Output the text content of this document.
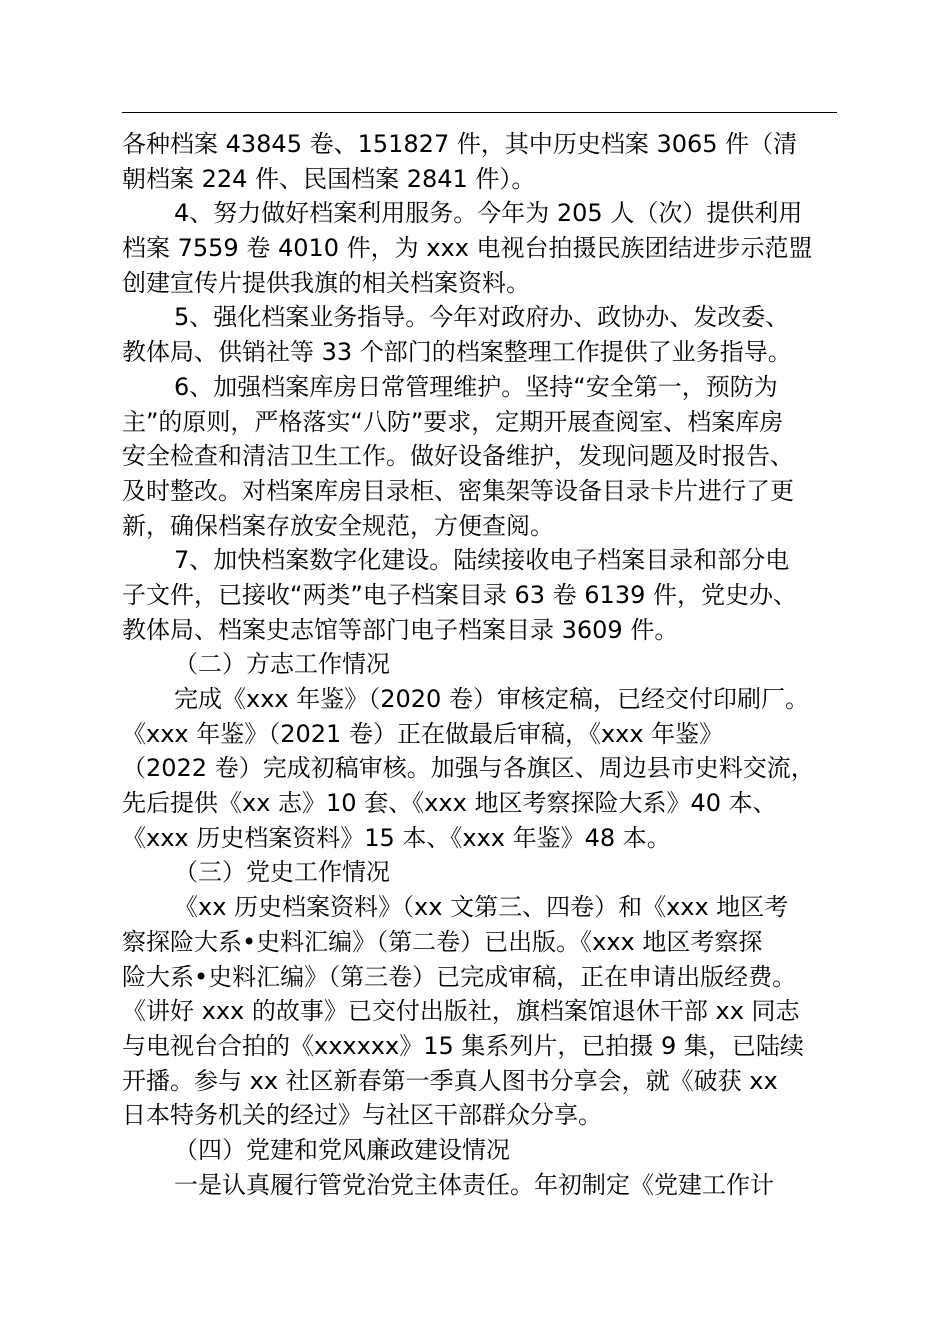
各种档案 43845 卷、151827 件，其中历史档案 3065 件（清
朝档案 224 件、民国档案 2841 件）。
4、努力做好档案利用服务。今年为 205 人（次）提供利用
档案 7559 卷 4010 件，为 xxx 电视台拍摄民族团结进步示范盟
创建宣传片提供我旗的相关档案资料。
5、强化档案业务指导。今年对政府办、政协办、发改委、
教体局、供销社等 33 个部门的档案整理工作提供了业务指导。
6、加强档案库房日常管理维护。坚持“安全第一，预防为
主”的原则，严格落实“八防”要求，定期开展查阅室、档案库房
安全检查和清洁卫生工作。做好设备维护，发现问题及时报告、
及时整改。对档案库房目录柜、密集架等设备目录卡片进行了更
新，确保档案存放安全规范，方便查阅。
7、加快档案数字化建设。陆续接收电子档案目录和部分电
子文件，已接收“两类”电子档案目录 63 卷 6139 件，党史办、
教体局、档案史志馆等部门电子档案目录 3609 件。
（二）方志工作情况
完成《xxx 年鉴》（2020 卷）审核定稿，已经交付印刷厂。
《xxx 年鉴》（2021 卷）正在做最后审稿，《xxx 年鉴》
（2022 卷）完成初稿审核。加强与各旗区、周边县市史料交流，
先后提供《xx 志》10 套、《xxx 地区考察探险大系》40 本、
《xxx 历史档案资料》15 本、《xxx 年鉴》48 本。
（三）党史工作情况
《xx 历史档案资料》（xx 文第三、四卷）和《xxx 地区考
察探险大系•史料汇编》（第二卷）已出版。《xxx 地区考察探
险大系•史料汇编》（第三卷）已完成审稿，正在申请出版经费。
《讲好 xxx 的故事》已交付出版社，旗档案馆退休干部 xx 同志
与电视台合拍的《xxxxxx》15 集系列片，已拍摄 9 集，已陆续
开播。参与 xx 社区新春第一季真人图书分享会，就《破获 xx
日本特务机关的经过》与社区干部群众分享。
（四）党建和党风廉政建设情况
一是认真履行管党治党主体责任。年初制定《党建工作计
